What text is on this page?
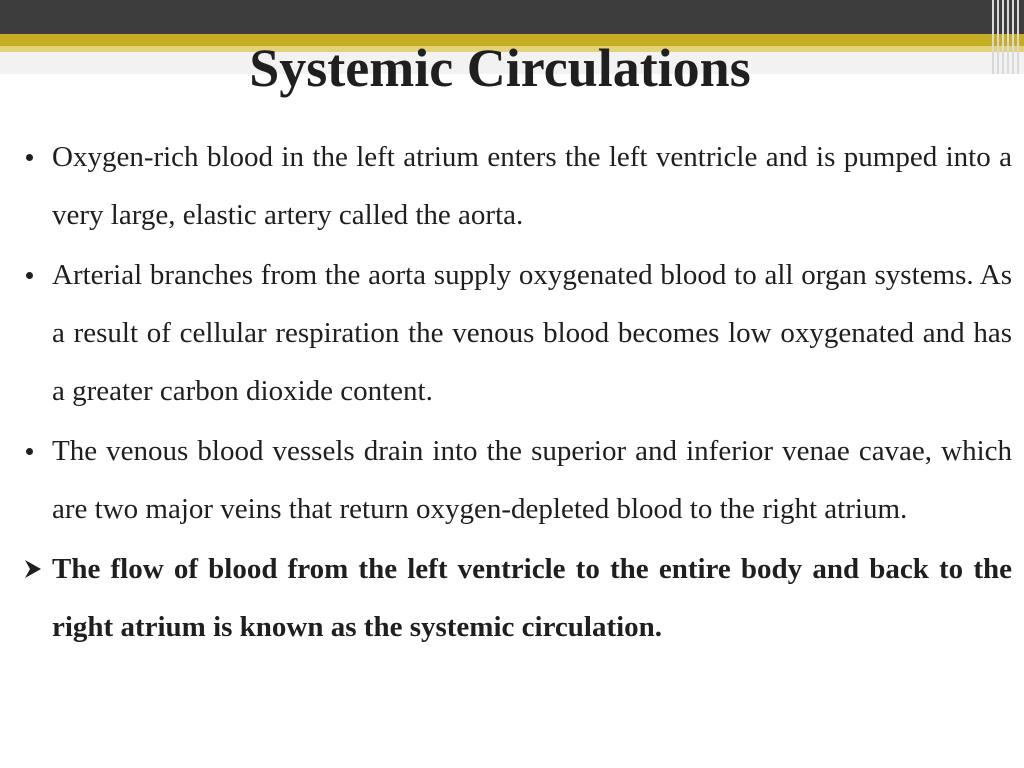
Systemic Circulations

Oxygen-rich blood in the left atrium enters the left ventricle and is pumped into a very large, elastic artery called the aorta.

Arterial branches from the aorta supply oxygenated blood to all organ systems. As a result of cellular respiration the venous blood becomes low oxygenated and has a greater carbon dioxide content.

The venous blood vessels drain into the superior and inferior venae cavae, which are two major veins that return oxygen-depleted blood to the right atrium.

The flow of blood from the left ventricle to the entire body and back to the right atrium is known as the systemic circulation.
